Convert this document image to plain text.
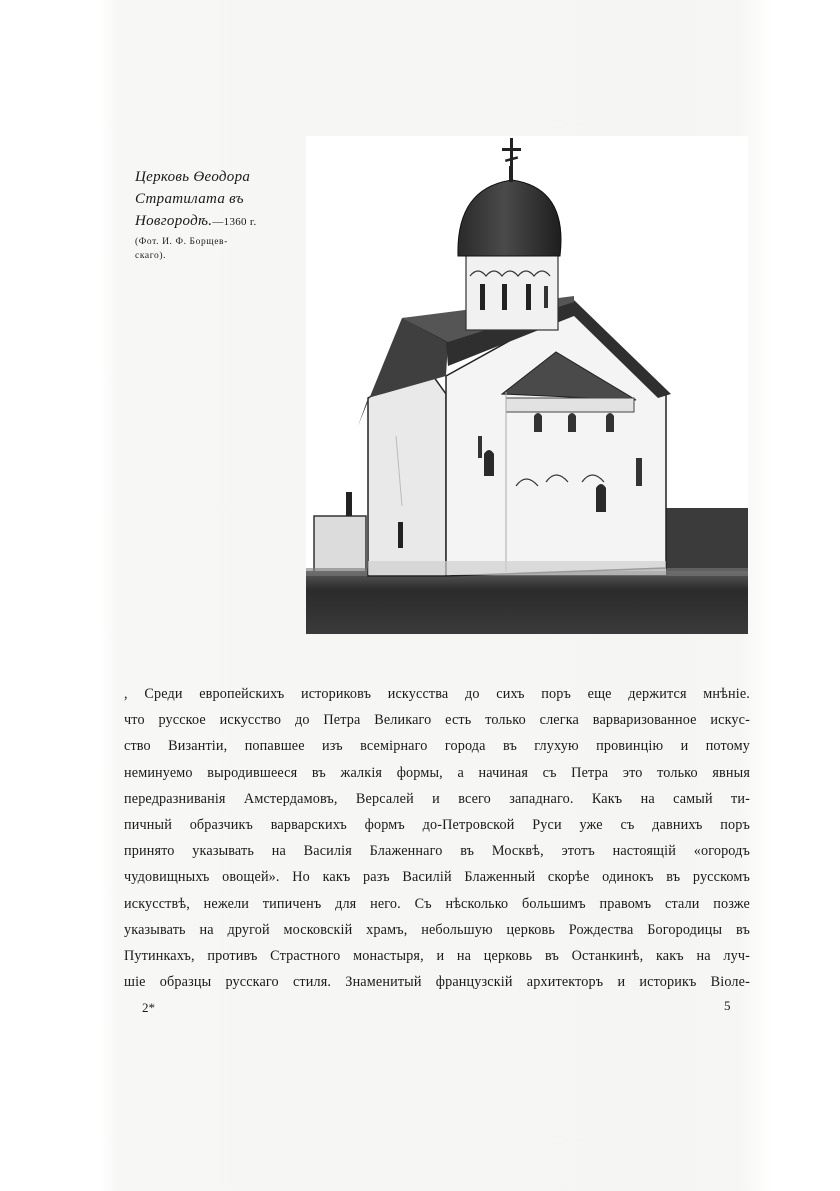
Церковь Өеодора
Стратилата въ
Новгородѣ.—1360 г.
(Фот. И. Ф. Борщев-
скаго).
, Среди европейскихъ историковъ искусства до сихъ поръ еще держится мнѣніе.
что русское искусство до Петра Великаго есть только слегка варваризованное искус-
ство Византіи, попавшее изъ всемірнаго города въ глухую провинцію и потому
неминуемо выродившееся въ жалкія формы, а начиная съ Петра это только явныя
передразниванія Амстердамовъ, Версалей и всего западнаго. Какъ на самый ти-
пичный образчикъ варварскихъ формъ до-Петровской Руси уже съ давнихъ поръ
принято указывать на Василія Блаженнаго въ Москвѣ, этотъ настоящій «огородъ
чудовищныхъ овощей». Но какъ разъ Василій Блаженный скорѣе одинокъ въ русскомъ
искусствѣ, нежели типиченъ для него. Съ нѣсколько большимъ правомъ стали позже
указывать на другой московскій храмъ, небольшую церковь Рождества Богородицы въ
Путинкахъ, противъ Страстного монастыря, и на церковь въ Останкинѣ, какъ на луч-
шіе образцы русскаго стиля. Знаменитый французскій архитекторъ и историкъ Віоле-
2*	5
